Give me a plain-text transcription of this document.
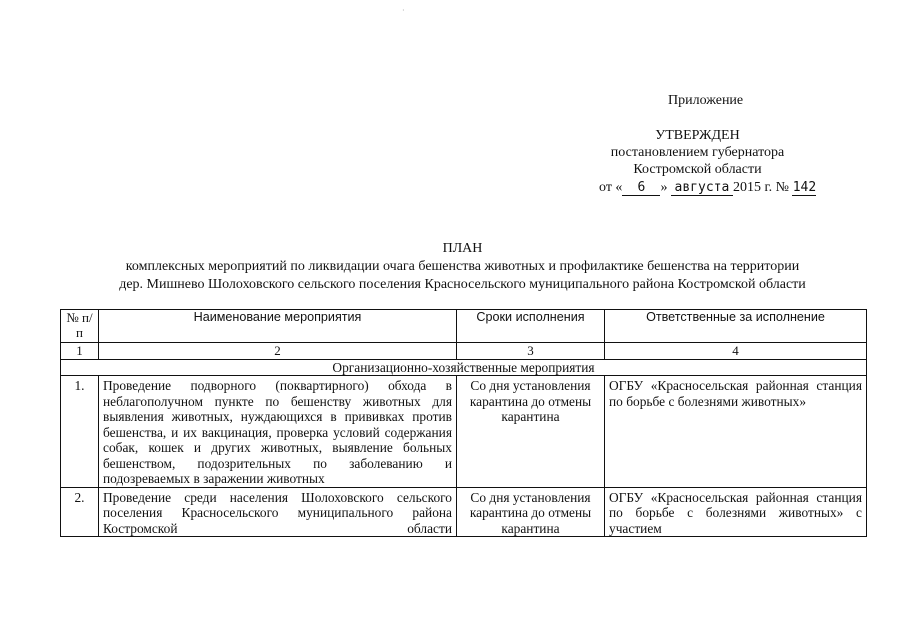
·
Приложение
УТВЕРЖДЕН
постановлением губернатора
Костромской области
от « 6 » августа 2015 г. № 142
ПЛАН
комплексных мероприятий по ликвидации очага бешенства животных и профилактике бешенства на территории
дер. Мишнево Шолоховского сельского поселения Красносельского муниципального района Костромской области
№ п/п	Наименование мероприятия	Сроки исполнения	Ответственные за исполнение
1	2	3	4
Организационно-хозяйственные мероприятия			
1.	Проведение подворного (поквартирного) обхода в неблагополучном пункте по бешенству животных для выявления животных, нуждающихся в прививках против бешенства, и их вакцинация, проверка условий содержания собак, кошек и других животных, выявление больных бешенством, подозрительных по заболеванию и подозреваемых в заражении животных	Со дня установления карантина до отмены карантина	ОГБУ «Красносельская районная станция по борьбе с болезнями животных»
2.	Проведение среди населения Шолоховского сельского поселения Красносельского муниципального района Костромской области	Со дня установления карантина до отмены карантина	ОГБУ «Красносельская районная станция по борьбе с болезнями животных» с участием
